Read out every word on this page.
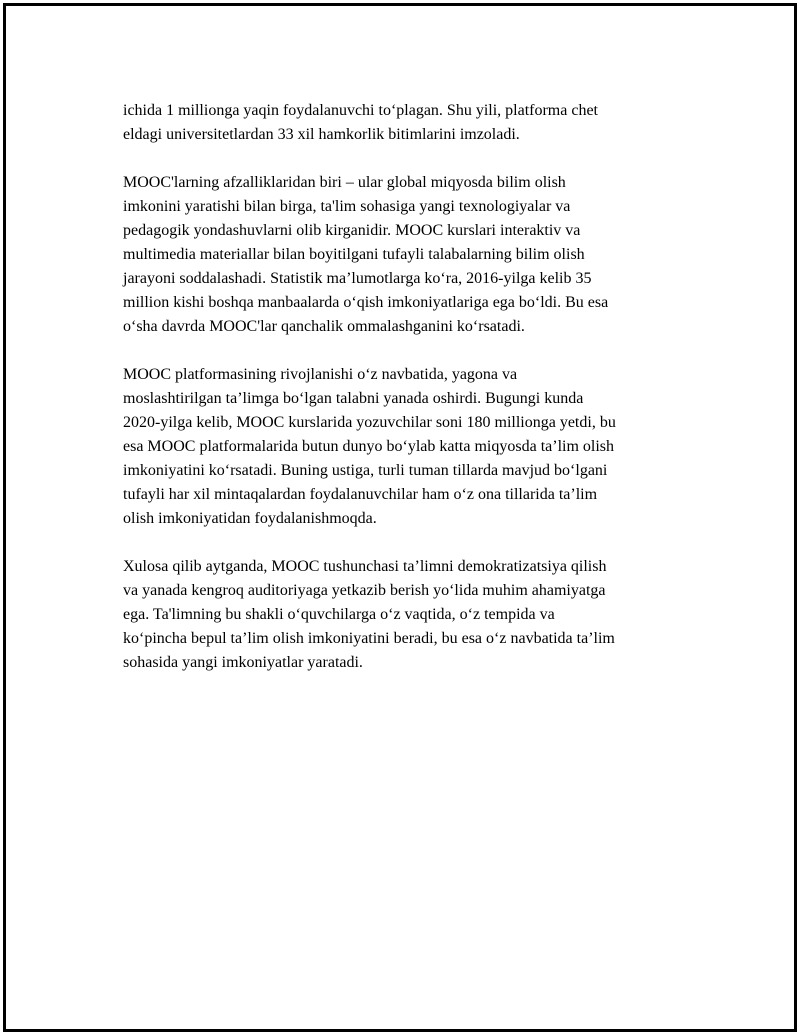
ichida 1 millionga yaqin foydalanuvchi toʻplagan. Shu yili, platforma chet
eldagi universitetlardan 33 xil hamkorlik bitimlarini imzoladi.
MOOC'larning afzalliklaridan biri – ular global miqyosda bilim olish
imkonini yaratishi bilan birga, ta'lim sohasiga yangi texnologiyalar va
pedagogik yondashuvlarni olib kirganidir. MOOC kurslari interaktiv va
multimedia materiallar bilan boyitilgani tufayli talabalarning bilim olish
jarayoni soddalashadi. Statistik ma’lumotlarga koʻra, 2016-yilga kelib 35
million kishi boshqa manbaalarda oʻqish imkoniyatlariga ega boʻldi. Bu esa
oʻsha davrda MOOC'lar qanchalik ommalashganini koʻrsatadi.
MOOC platformasining rivojlanishi oʻz navbatida, yagona va
moslashtirilgan ta’limga boʻlgan talabni yanada oshirdi. Bugungi kunda
2020-yilga kelib, MOOC kurslarida yozuvchilar soni 180 millionga yetdi, bu
esa MOOC platformalarida butun dunyo boʻylab katta miqyosda ta’lim olish
imkoniyatini koʻrsatadi. Buning ustiga, turli tuman tillarda mavjud boʻlgani
tufayli har xil mintaqalardan foydalanuvchilar ham oʻz ona tillarida ta’lim
olish imkoniyatidan foydalanishmoqda.
Xulosa qilib aytganda, MOOC tushunchasi ta’limni demokratizatsiya qilish
va yanada kengroq auditoriyaga yetkazib berish yoʻlida muhim ahamiyatga
ega. Ta'limning bu shakli oʻquvchilarga oʻz vaqtida, oʻz tempida va
koʻpincha bepul ta’lim olish imkoniyatini beradi, bu esa oʻz navbatida ta’lim
sohasida yangi imkoniyatlar yaratadi.
